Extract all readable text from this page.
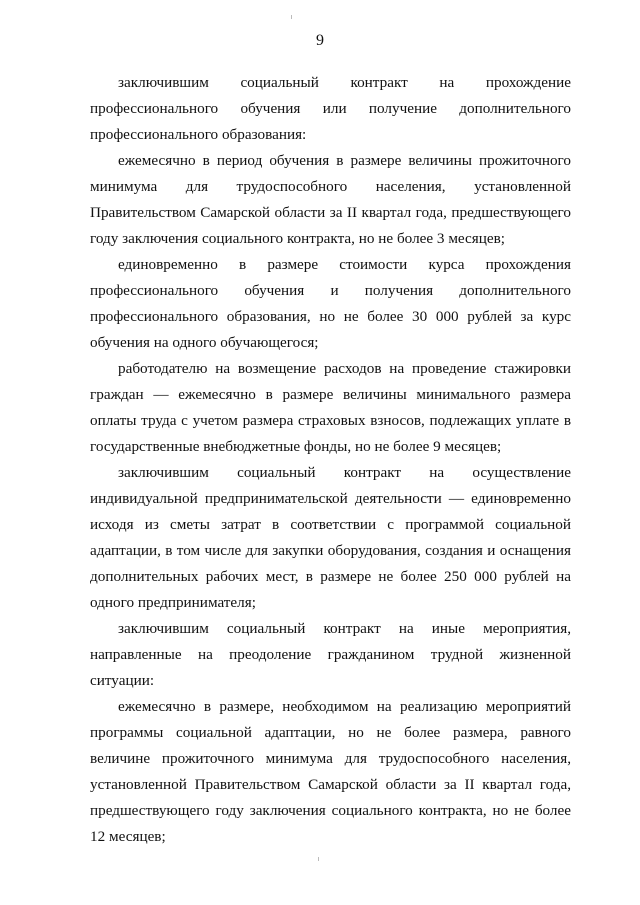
9

заключившим социальный контракт на прохождение профессионального обучения или получение дополнительного профессионального образования:

ежемесячно в период обучения в размере величины прожиточного минимума для трудоспособного населения, установленной Правительством Самарской области за II квартал года, предшествующего году заключения социального контракта, но не более 3 месяцев;

единовременно в размере стоимости курса прохождения профессионального обучения и получения дополнительного профессионального образования, но не более 30 000 рублей за курс обучения на одного обучающегося;

работодателю на возмещение расходов на проведение стажировки граждан — ежемесячно в размере величины минимального размера оплаты труда с учетом размера страховых взносов, подлежащих уплате в государственные внебюджетные фонды, но не более 9 месяцев;

заключившим социальный контракт на осуществление индивидуальной предпринимательской деятельности — единовременно исходя из сметы затрат в соответствии с программой социальной адаптации, в том числе для закупки оборудования, создания и оснащения дополнительных рабочих мест, в размере не более 250 000 рублей на одного предпринимателя;

заключившим социальный контракт на иные мероприятия, направленные на преодоление гражданином трудной жизненной ситуации:

ежемесячно в размере, необходимом на реализацию мероприятий программы социальной адаптации, но не более размера, равного величине прожиточного минимума для трудоспособного населения, установленной Правительством Самарской области за II квартал года, предшествующего году заключения социального контракта, но не более 12 месяцев;
